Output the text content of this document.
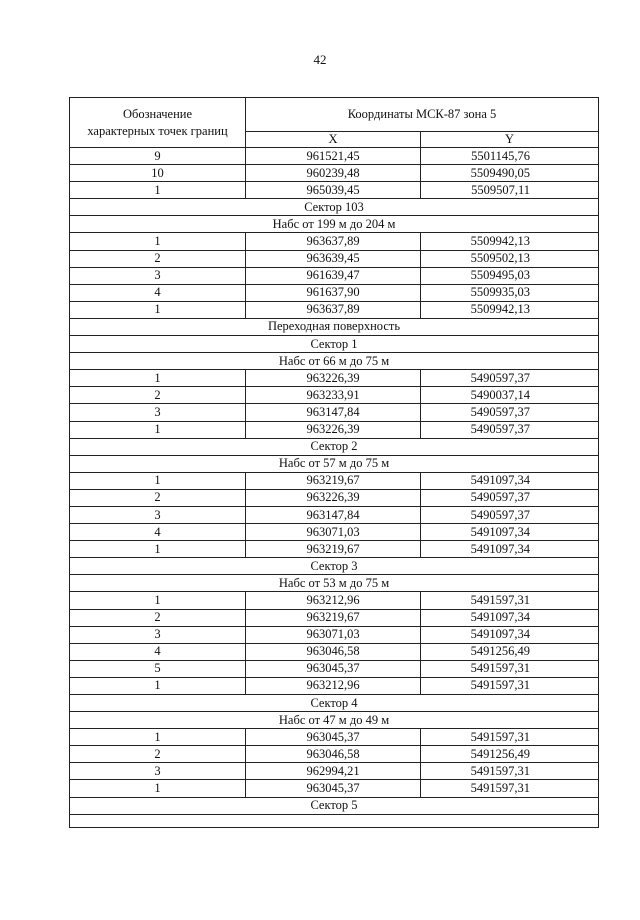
42
Обозначение
характерных точек границ	Координаты МСК-87 зона 5	
	X	Y
9	961521,45	5501145,76
10	960239,48	5509490,05
1	965039,45	5509507,11
Сектор 103		
Набс от 199 м до 204 м		
1	963637,89	5509942,13
2	963639,45	5509502,13
3	961639,47	5509495,03
4	961637,90	5509935,03
1	963637,89	5509942,13
Переходная поверхность		
Сектор 1		
Набс от 66 м до 75 м		
1	963226,39	5490597,37
2	963233,91	5490037,14
3	963147,84	5490597,37
1	963226,39	5490597,37
Сектор 2		
Набс от 57 м до 75 м		
1	963219,67	5491097,34
2	963226,39	5490597,37
3	963147,84	5490597,37
4	963071,03	5491097,34
1	963219,67	5491097,34
Сектор 3		
Набс от 53 м до 75 м		
1	963212,96	5491597,31
2	963219,67	5491097,34
3	963071,03	5491097,34
4	963046,58	5491256,49
5	963045,37	5491597,31
1	963212,96	5491597,31
Сектор 4		
Набс от 47 м до 49 м		
1	963045,37	5491597,31
2	963046,58	5491256,49
3	962994,21	5491597,31
1	963045,37	5491597,31
Сектор 5		
